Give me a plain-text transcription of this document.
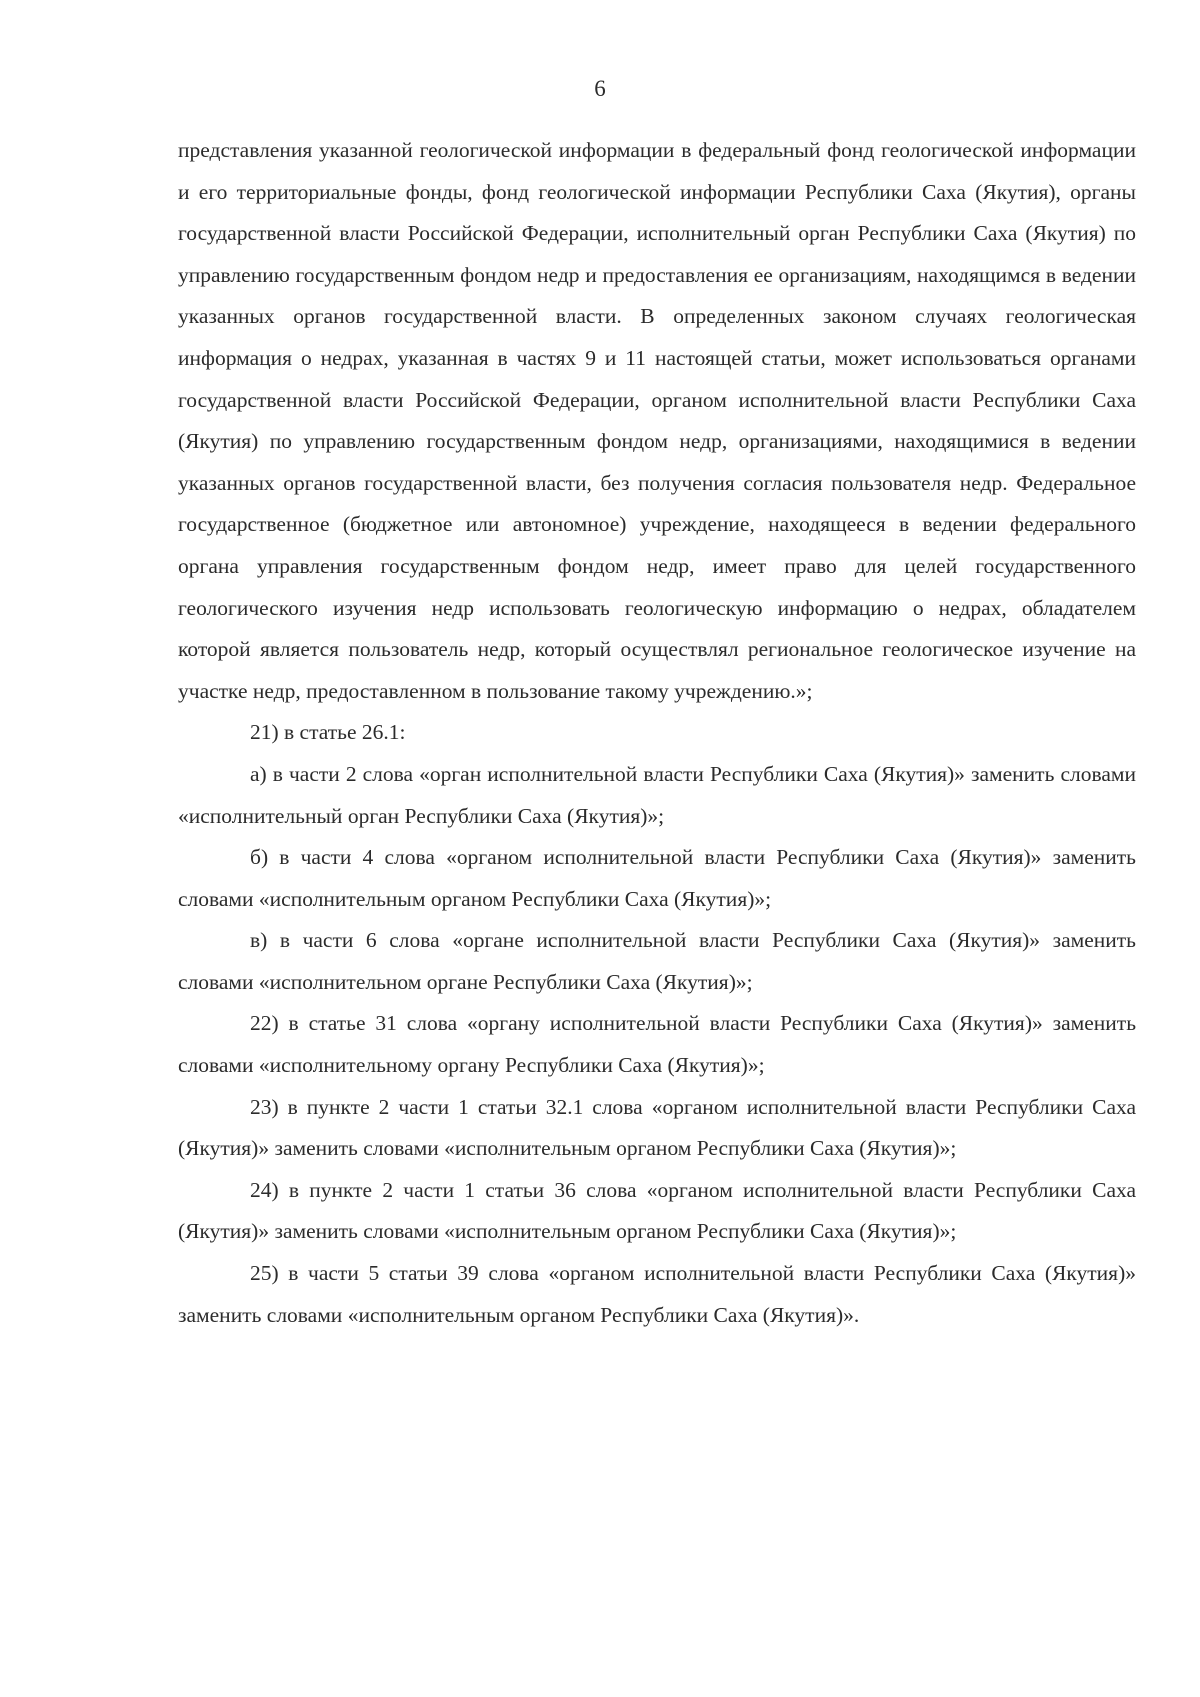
6

представления указанной геологической информации в федеральный фонд геологической информации и его территориальные фонды, фонд геологической информации Республики Саха (Якутия), органы государственной власти Российской Федерации, исполнительный орган Республики Саха (Якутия) по управлению государственным фондом недр и предоставления ее организациям, находящимся в ведении указанных органов государственной власти. В определенных законом случаях геологическая информация о недрах, указанная в частях 9 и 11 настоящей статьи, может использоваться органами государственной власти Российской Федерации, органом исполнительной власти Республики Саха (Якутия) по управлению государственным фондом недр, организациями, находящимися в ведении указанных органов государственной власти, без получения согласия пользователя недр. Федеральное государственное (бюджетное или автономное) учреждение, находящееся в ведении федерального органа управления государственным фондом недр, имеет право для целей государственного геологического изучения недр использовать геологическую информацию о недрах, обладателем которой является пользователь недр, который осуществлял региональное геологическое изучение на участке недр, предоставленном в пользование такому учреждению.»;

21) в статье 26.1:

а) в части 2 слова «орган исполнительной власти Республики Саха (Якутия)» заменить словами «исполнительный орган Республики Саха (Якутия)»;

б) в части 4 слова «органом исполнительной власти Республики Саха (Якутия)» заменить словами «исполнительным органом Республики Саха (Якутия)»;

в) в части 6 слова «органе исполнительной власти Республики Саха (Якутия)» заменить словами «исполнительном органе Республики Саха (Якутия)»;

22) в статье 31 слова «органу исполнительной власти Республики Саха (Якутия)» заменить словами «исполнительному органу Республики Саха (Якутия)»;

23) в пункте 2 части 1 статьи 32.1 слова «органом исполнительной власти Республики Саха (Якутия)» заменить словами «исполнительным органом Республики Саха (Якутия)»;

24) в пункте 2 части 1 статьи 36 слова «органом исполнительной власти Республики Саха (Якутия)» заменить словами «исполнительным органом Республики Саха (Якутия)»;

25) в части 5 статьи 39 слова «органом исполнительной власти Республики Саха (Якутия)» заменить словами «исполнительным органом Республики Саха (Якутия)».
